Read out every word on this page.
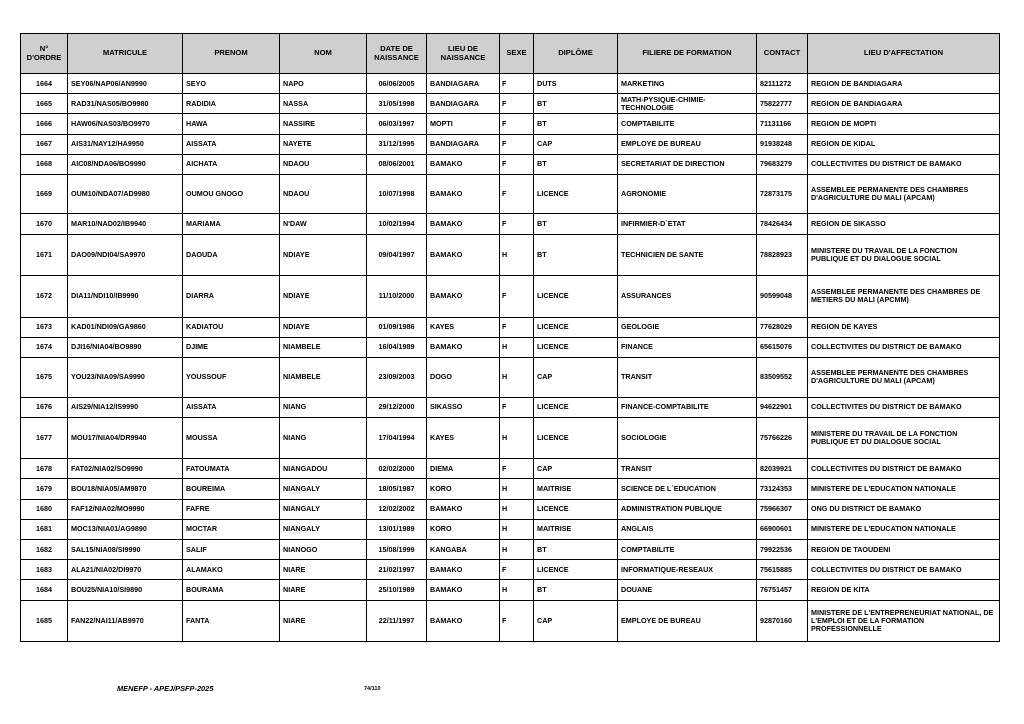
N° D'ORDRE	MATRICULE	PRENOM	NOM	DATE DE NAISSANCE	LIEU DE NAISSANCE	SEXE	DIPLÔME	FILIERE DE FORMATION	CONTACT	LIEU D'AFFECTATION
1664	SEY06/NAP06/AN9990	SEYO	NAPO	06/06/2005	BANDIAGARA	F	DUTS	MARKETING	82111272	REGION DE BANDIAGARA
1665	RAD31/NAS05/BO9980	RADIDIA	NASSA	31/05/1998	BANDIAGARA	F	BT	MATH-PYSIQUE-CHIMIE-TECHNOLOGIE	75822777	REGION DE BANDIAGARA
1666	HAW06/NAS03/BO9970	HAWA	NASSIRE	06/03/1997	MOPTI	F	BT	COMPTABILITE	71131166	REGION DE MOPTI
1667	AIS31/NAY12/HA9950	AISSATA	NAYETE	31/12/1995	BANDIAGARA	F	CAP	EMPLOYE DE BUREAU	91938248	REGION DE KIDAL
1668	AIC08/NDA06/BO9990	AICHATA	NDAOU	08/06/2001	BAMAKO	F	BT	SECRETARIAT DE DIRECTION	79683279	COLLECTIVITES DU DISTRICT DE BAMAKO
1669	OUM10/NDA07/AD9980	OUMOU GNOGO	NDAOU	10/07/1998	BAMAKO	F	LICENCE	AGRONOMIE	72873175	ASSEMBLEE PERMANENTE DES CHAMBRES D'AGRICULTURE DU MALI (APCAM)
1670	MAR10/NAD02/IB9940	MARIAMA	N'DAW	10/02/1994	BAMAKO	F	BT	INFIRMIER-D`ETAT	78426434	REGION DE SIKASSO
1671	DAO09/NDI04/SA9970	DAOUDA	NDIAYE	09/04/1997	BAMAKO	H	BT	TECHNICIEN DE SANTE	78828923	MINISTERE DU TRAVAIL DE LA FONCTION PUBLIQUE ET DU DIALOGUE SOCIAL
1672	DIA11/NDI10/IB9990	DIARRA	NDIAYE	11/10/2000	BAMAKO	F	LICENCE	ASSURANCES	90599048	ASSEMBLEE PERMANENTE DES CHAMBRES DE METIERS DU MALI (APCMM)
1673	KAD01/NDI09/GA9860	KADIATOU	NDIAYE	01/09/1986	KAYES	F	LICENCE	GEOLOGIE	77628029	REGION DE KAYES
1674	DJI16/NIA04/BO9890	DJIME	NIAMBELE	16/04/1989	BAMAKO	H	LICENCE	FINANCE	65615076	COLLECTIVITES DU DISTRICT DE BAMAKO
1675	YOU23/NIA09/SA9990	YOUSSOUF	NIAMBELE	23/09/2003	DOGO	H	CAP	TRANSIT	83509552	ASSEMBLEE PERMANENTE DES CHAMBRES D'AGRICULTURE DU MALI (APCAM)
1676	AIS29/NIA12/IS9990	AISSATA	NIANG	29/12/2000	SIKASSO	F	LICENCE	FINANCE-COMPTABILITE	94622901	COLLECTIVITES DU DISTRICT DE BAMAKO
1677	MOU17/NIA04/DR9940	MOUSSA	NIANG	17/04/1994	KAYES	H	LICENCE	SOCIOLOGIE	75766226	MINISTERE DU TRAVAIL DE LA FONCTION PUBLIQUE ET DU DIALOGUE SOCIAL
1678	FAT02/NIA02/SO9990	FATOUMATA	NIANGADOU	02/02/2000	DIEMA	F	CAP	TRANSIT	82039921	COLLECTIVITES DU DISTRICT DE BAMAKO
1679	BOU18/NIA05/AM9870	BOUREIMA	NIANGALY	18/05/1987	KORO	H	MAITRISE	SCIENCE DE L`EDUCATION	73124353	MINISTERE DE L'EDUCATION NATIONALE
1680	FAF12/NIA02/MO9990	FAFRE	NIANGALY	12/02/2002	BAMAKO	H	LICENCE	ADMINISTRATION PUBLIQUE	75966307	ONG DU DISTRICT DE BAMAKO
1681	MOC13/NIA01/AG9890	MOCTAR	NIANGALY	13/01/1989	KORO	H	MAITRISE	ANGLAIS	66900601	MINISTERE DE L'EDUCATION NATIONALE
1682	SAL15/NIA08/SI9990	SALIF	NIANOGO	15/08/1999	KANGABA	H	BT	COMPTABILITE	79922536	REGION DE TAOUDENI
1683	ALA21/NIA02/DI9970	ALAMAKO	NIARE	21/02/1997	BAMAKO	F	LICENCE	INFORMATIQUE-RESEAUX	75615885	COLLECTIVITES DU DISTRICT DE BAMAKO
1684	BOU25/NIA10/SI9890	BOURAMA	NIARE	25/10/1989	BAMAKO	H	BT	DOUANE	76751457	REGION DE KITA
1685	FAN22/NAI11/AB9970	FANTA	NIARE	22/11/1997	BAMAKO	F	CAP	EMPLOYE DE BUREAU	92870160	MINISTERE DE L'ENTREPRENEURIAT NATIONAL, DE L'EMPLOI ET DE LA FORMATION PROFESSIONNELLE
MENEFP - APEJ/PSFP-2025	74/110
